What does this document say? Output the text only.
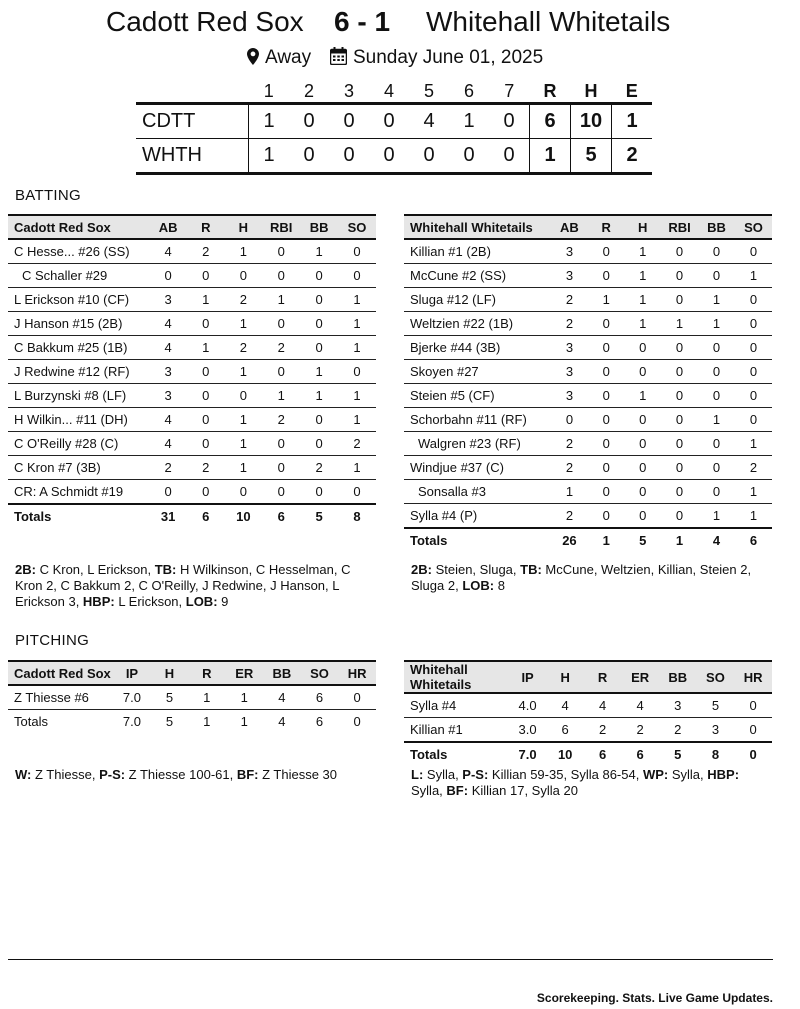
Cadott Red Sox 6 - 1 Whitehall Whitetails
Away	Sunday June 01, 2025
	1	2	3	4	5	6	7	R	H	E
CDTT	1	0	0	0	4	1	0	6	10	1
WHTH	1	0	0	0	0	0	0	1	5	2
BATTING
Cadott Red Sox	AB	R	H	RBI	BB	SO
C Hesse... #26 (SS)	4	2	1	0	1	0
C Schaller #29	0	0	0	0	0	0
L Erickson #10 (CF)	3	1	2	1	0	1
J Hanson #15 (2B)	4	0	1	0	0	1
C Bakkum #25 (1B)	4	1	2	2	0	1
J Redwine #12 (RF)	3	0	1	0	1	0
L Burzynski #8 (LF)	3	0	0	1	1	1
H Wilkin... #11 (DH)	4	0	1	2	0	1
C O'Reilly #28 (C)	4	0	1	0	0	2
C Kron #7 (3B)	2	2	1	0	2	1
CR: A Schmidt #19	0	0	0	0	0	0
Totals	31	6	10	6	5	8
Whitehall Whitetails	AB	R	H	RBI	BB	SO
Killian #1 (2B)	3	0	1	0	0	0
McCune #2 (SS)	3	0	1	0	0	1
Sluga #12 (LF)	2	1	1	0	1	0
Weltzien #22 (1B)	2	0	1	1	1	0
Bjerke #44 (3B)	3	0	0	0	0	0
Skoyen #27	3	0	0	0	0	0
Steien #5 (CF)	3	0	1	0	0	0
Schorbahn #11 (RF)	0	0	0	0	1	0
Walgren #23 (RF)	2	0	0	0	0	1
Windjue #37 (C)	2	0	0	0	0	2
Sonsalla #3	1	0	0	0	0	1
Sylla #4 (P)	2	0	0	0	1	1
Totals	26	1	5	1	4	6
2B: C Kron, L Erickson, TB: H Wilkinson, C Hesselman, C Kron 2, C Bakkum 2, C O'Reilly, J Redwine, J Hanson, L Erickson 3, HBP: L Erickson, LOB: 9
2B: Steien, Sluga, TB: McCune, Weltzien, Killian, Steien 2, Sluga 2, LOB: 8
PITCHING
Cadott Red Sox	IP	H	R	ER	BB	SO	HR
Z Thiesse #6	7.0	5	1	1	4	6	0
Totals	7.0	5	1	1	4	6	0
Whitehall Whitetails	IP	H	R	ER	BB	SO	HR
Sylla #4	4.0	4	4	4	3	5	0
Killian #1	3.0	6	2	2	2	3	0
Totals	7.0	10	6	6	5	8	0
W: Z Thiesse, P-S: Z Thiesse 100-61, BF: Z Thiesse 30	L: Sylla, P-S: Killian 59-35, Sylla 86-54, WP: Sylla, HBP: Sylla, BF: Killian 17, Sylla 20
Scorekeeping. Stats. Live Game Updates.
